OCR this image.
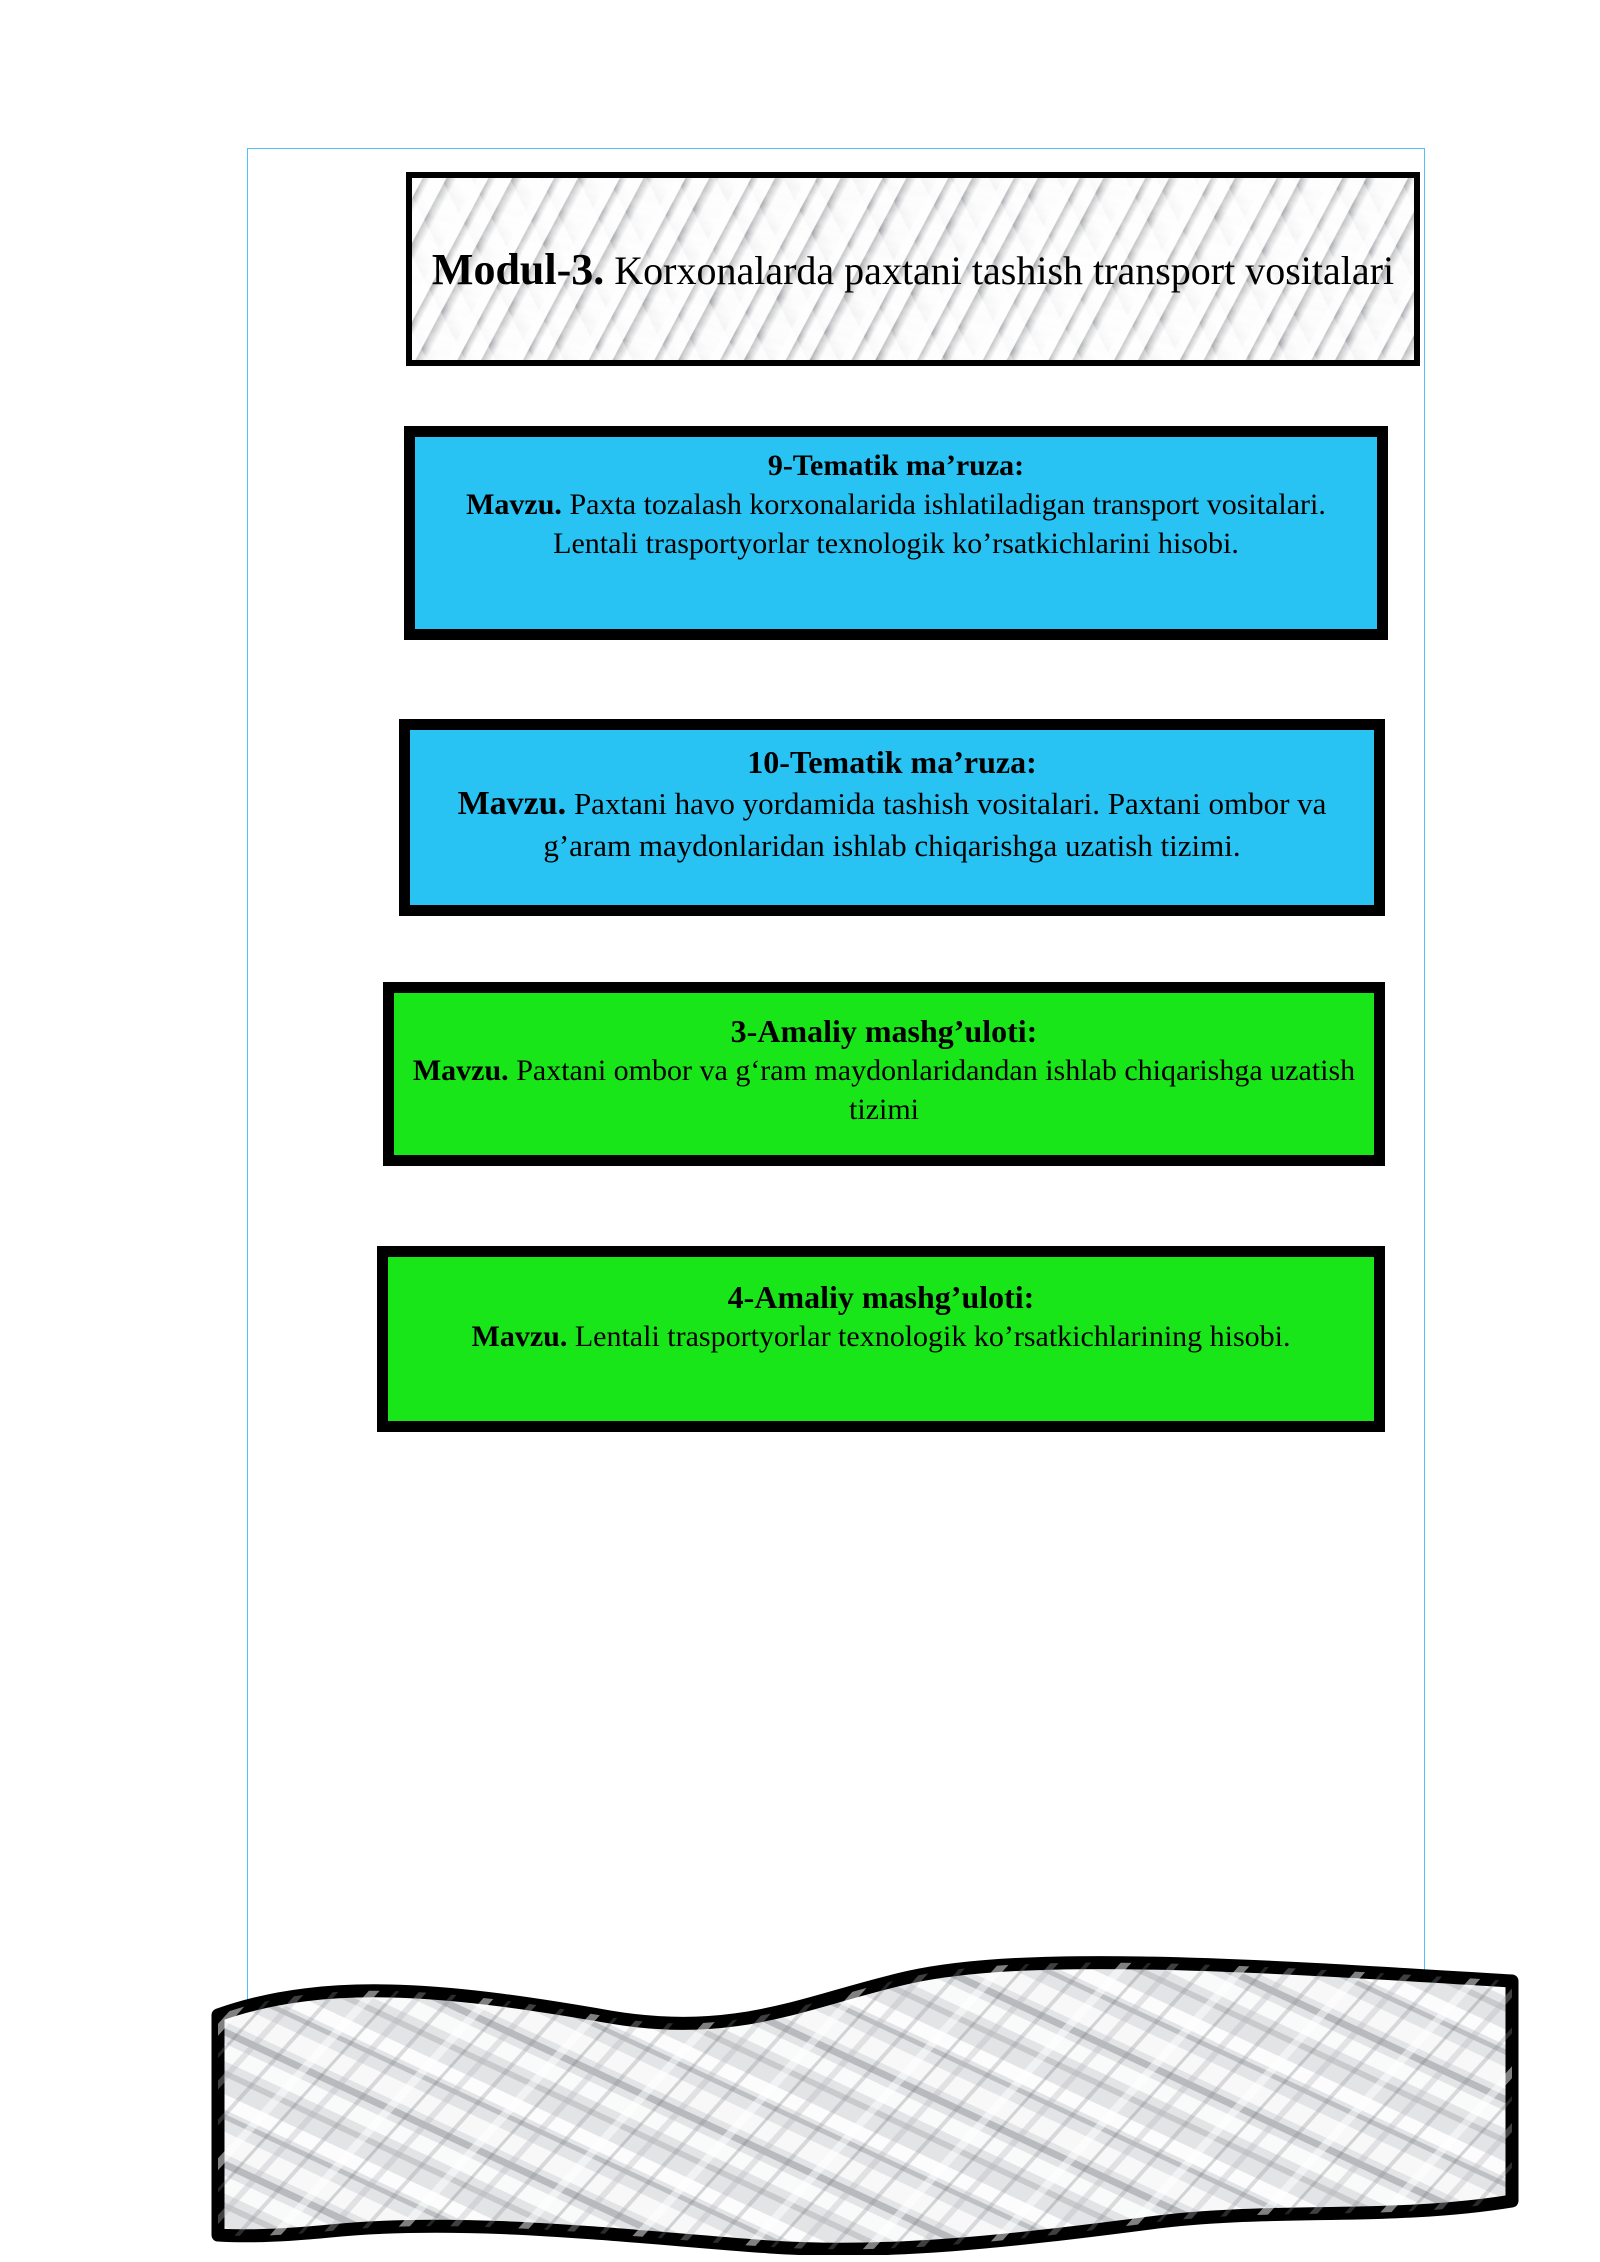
Modul-3. Korxonalarda paxtani tashish transport vositalari

9-Tematik ma’ruza:

Mavzu. Paxta tozalash korxonalarida ishlatiladigan transport vositalari. Lentali trasportyorlar texnologik ko’rsatkichlarini hisobi.

10-Tematik ma’ruza:

Mavzu. Paxtani havo yordamida tashish vositalari. Paxtani ombor va g’aram maydonlaridan ishlab chiqarishga uzatish tizimi.

3-Amaliy mashg’uloti:

Mavzu. Paxtani ombor va g‘ram maydonlaridandan ishlab chiqarishga uzatish tizimi

4-Amaliy mashg’uloti:

Mavzu. Lentali trasportyorlar texnologik ko’rsatkichlarining hisobi.
